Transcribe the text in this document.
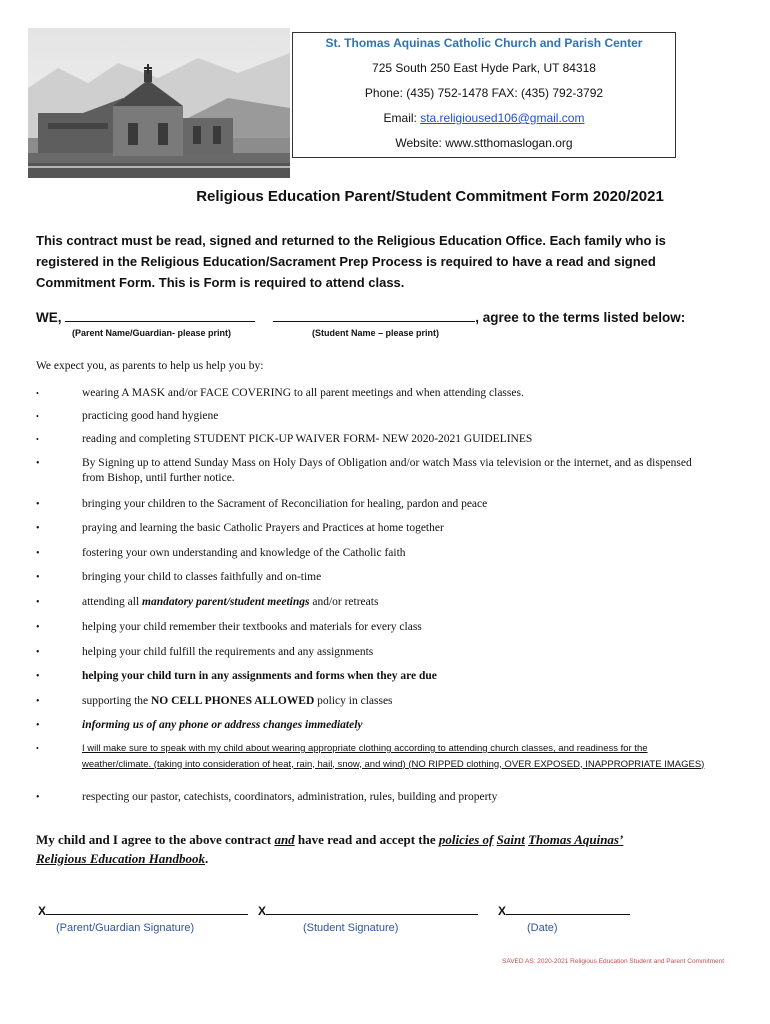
St. Thomas Aquinas Catholic Church and Parish Center
725 South 250 East Hyde Park, UT 84318
Phone: (435) 752-1478 FAX: (435) 792-3792
Email: sta.religioused106@gmail.com
Website: www.stthomaslogan.org
Religious Education Parent/Student Commitment Form 2020/2021
This contract must be read, signed and returned to the Religious Education Office. Each family who is registered in the Religious Education/Sacrament Prep Process is required to have a read and signed Commitment Form. This is Form is required to attend class.
WE,	, agree to the terms listed below:
(Parent Name/Guardian- please print)	(Student Name – please print)
We expect you, as parents to help us help you by:
•	wearing A MASK and/or FACE COVERING to all parent meetings and when attending classes.
•	practicing good hand hygiene
•	reading and completing STUDENT PICK-UP WAIVER FORM- NEW 2020-2021 GUIDELINES
•	By Signing up to attend Sunday Mass on Holy Days of Obligation and/or watch Mass via television or the internet, and as dispensed from Bishop, until further notice.
•	bringing your children to the Sacrament of Reconciliation for healing, pardon and peace
•	praying and learning the basic Catholic Prayers and Practices at home together
•	fostering your own understanding and knowledge of the Catholic faith
•	bringing your child to classes faithfully and on-time
•	attending all mandatory parent/student meetings and/or retreats
•	helping your child remember their textbooks and materials for every class
•	helping your child fulfill the requirements and any assignments
•	helping your child turn in any assignments and forms when they are due
•	supporting the NO CELL PHONES ALLOWED policy in classes
•	informing us of any phone or address changes immediately
•	I will make sure to speak with my child about wearing appropriate clothing according to attending church classes, and readiness for the weather/climate. (taking into consideration of heat, rain, hail, snow, and wind) (NO RIPPED clothing, OVER EXPOSED, INAPPROPRIATE IMAGES)
•	respecting our pastor, catechists, coordinators, administration, rules, building and property
My child and I agree to the above contract and have read and accept the policies of Saint Thomas Aquinas’
Religious Education Handbook.
X	X	X
(Parent/Guardian Signature)	(Student Signature)	(Date)
SAVED AS: 2020-2021 Religious Education Student and Parent Commitment
